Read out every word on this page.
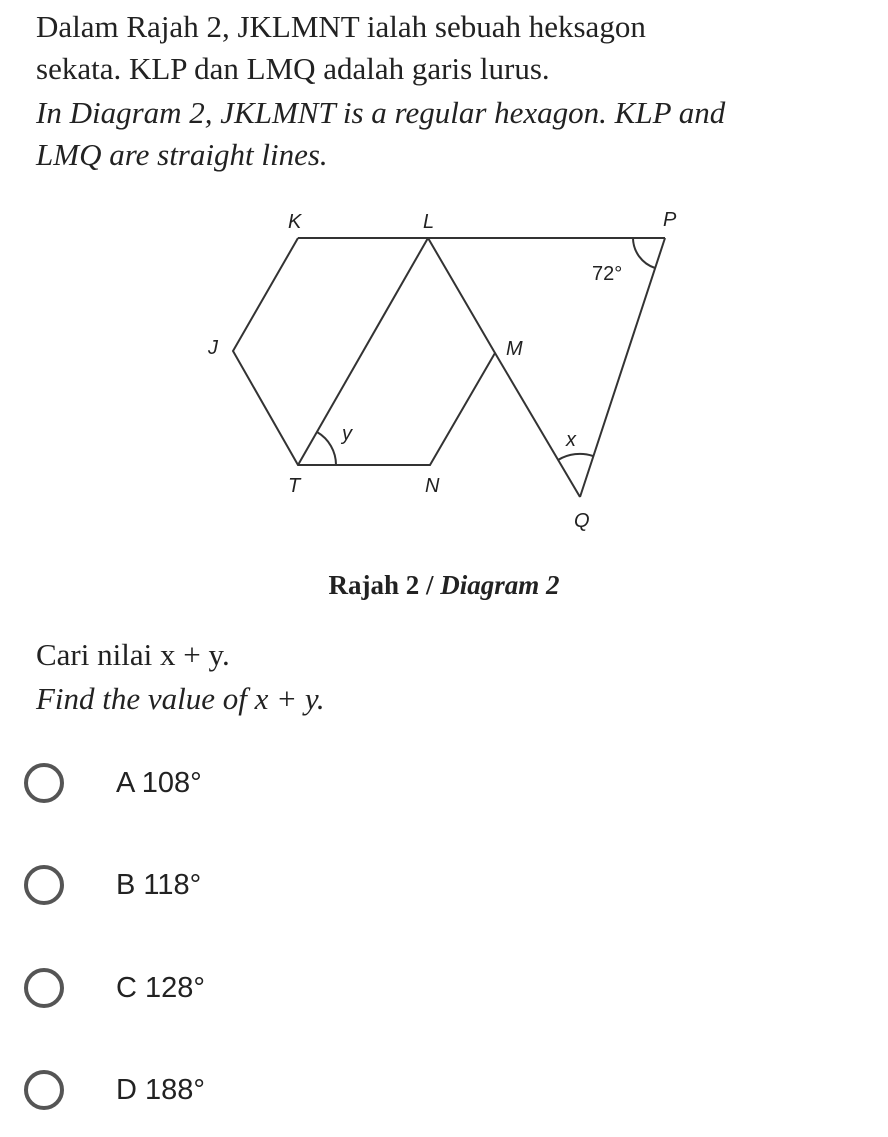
Dalam Rajah 2, JKLMNT ialah sebuah heksagon
sekata. KLP dan LMQ adalah garis lurus.
In Diagram 2, JKLMNT is a regular hexagon. KLP and
LMQ are straight lines.
K	L	P
J	M
T	N
Q
72°
y	x
Rajah 2 / Diagram 2
Cari nilai x + y.
Find the value of x + y.
A 108°
B 118°
C 128°
D 188°
